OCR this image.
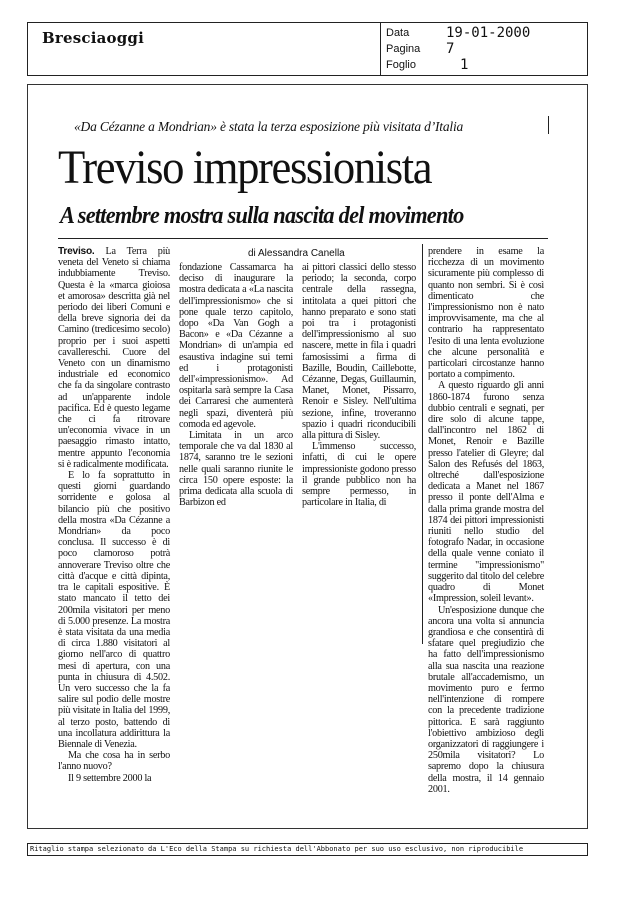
Bresciaoggi	Data
Pagina
Foglio
19-01-2000
7
1
«Da Cézanne a Mondrian» è stata la terza esposizione più visitata d’Italia
Treviso impressionista
A settembre mostra sulla nascita del movimento
di Alessandra Canella

Treviso. La Terra più veneta del Veneto si chiama indubbiamente Treviso. Questa è la «marca gioiosa et amorosa» descritta già nel periodo dei liberi Comuni e della breve signoria dei da Camino (tredicesimo secolo) proprio per i suoi aspetti cavallereschi. Cuore del Veneto con un dinamismo industriale ed economico che fa da singolare contrasto ad un'apparente indole pacifica. Ed è questo legame che ci fa ritrovare un'economia vivace in un paesaggio rimasto intatto, mentre appunto l'economia si è radicalmente modificata.

E lo fa soprattutto in questi giorni guardando sorridente e golosa al bilancio più che positivo della mostra «Da Cézanne a Mondrian» da poco conclusa. Il successo è di poco clamoroso potrà annoverare Treviso oltre che città d'acque e città dipinta, tra le capitali espositive. È stato mancato il tetto dei 200mila visitatori per meno di 5.000 presenze. La mostra è stata visitata da una media di circa 1.880 visitatori al giorno nell'arco di quattro mesi di apertura, con una punta in chiusura di 4.502. Un vero successo che la fa salire sul podio delle mostre più visitate in Italia del 1999, al terzo posto, battendo di una incollatura addirittura la Biennale di Venezia.

Ma che cosa ha in serbo l'anno nuovo?

Il 9 settembre 2000 la

fondazione Cassamarca ha deciso di inaugurare la mostra dedicata a «La nascita dell'impressionismo» che si pone quale terzo capitolo, dopo «Da Van Gogh a Bacon» e «Da Cézanne a Mondrian» di un'ampia ed esaustiva indagine sui temi ed i protagonisti dell'«impressionismo». Ad ospitarla sarà sempre la Casa dei Carraresi che aumenterà negli spazi, diventerà più comoda ed agevole.

Limitata in un arco temporale che va dal 1830 al 1874, saranno tre le sezioni nelle quali saranno riunite le circa 150 opere esposte: la prima dedicata alla scuola di Barbizon ed

ai pittori classici dello stesso periodo; la seconda, corpo centrale della rassegna, intitolata a quei pittori che hanno preparato e sono stati poi tra i protagonisti dell'impressionismo al suo nascere, mette in fila i quadri famosissimi a firma di Bazille, Boudin, Caillebotte, Cézanne, Degas, Guillaumin, Manet, Monet, Pissarro, Renoir e Sisley. Nell'ultima sezione, infine, troveranno spazio i quadri riconducibili alla pittura di Sisley.

L'immenso successo, infatti, di cui le opere impressioniste godono presso il grande pubblico non ha sempre permesso, in particolare in Italia, di

prendere in esame la ricchezza di un movimento sicuramente più complesso di quanto non sembri. Si è così dimenticato che l'impressionismo non è nato improvvisamente, ma che al contrario ha rappresentato l'esito di una lenta evoluzione che alcune personalità e particolari circostanze hanno portato a compimento.

A questo riguardo gli anni 1860-1874 furono senza dubbio centrali e segnati, per dire solo di alcune tappe, dall'incontro nel 1862 di Monet, Renoir e Bazille presso l'atelier di Gleyre; dal Salon des Refusés del 1863, oltreché dall'esposizione dedicata a Manet nel 1867 presso il ponte dell'Alma e dalla prima grande mostra del 1874 dei pittori impressionisti riuniti nello studio del fotografo Nadar, in occasione della quale venne coniato il termine "impressionismo" suggerito dal titolo del celebre quadro di Monet «Impression, soleil levant».

Un'esposizione dunque che ancora una volta si annuncia grandiosa e che consentirà di sfatare quel pregiudizio che ha fatto dell'impressionismo alla sua nascita una reazione brutale all'accademismo, un movimento puro e fermo nell'intenzione di rompere con la precedente tradizione pittorica. E sarà raggiunto l'obiettivo ambizioso degli organizzatori di raggiungere i 250mila visitatori? Lo sapremo dopo la chiusura della mostra, il 14 gennaio 2001.

Ritaglio stampa selezionato da L'Eco della Stampa su richiesta dell'Abbonato per suo uso esclusivo, non riproducibile
